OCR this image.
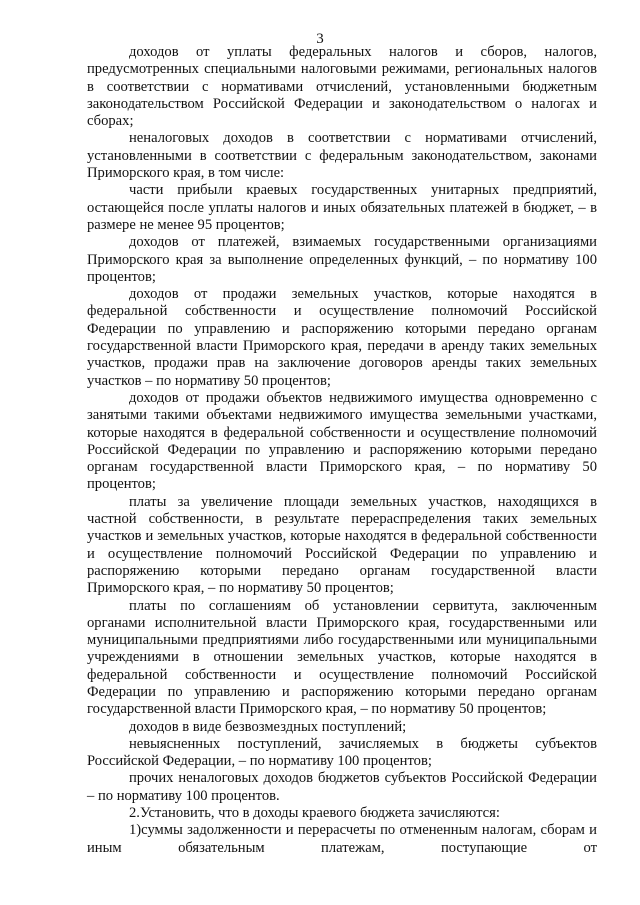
3

доходов от уплаты федеральных налогов и сборов, налогов, предусмотренных специальными налоговыми режимами, региональных налогов в соответствии с нормативами отчислений, установленными бюджетным законодательством Российской Федерации и законодательством о налогах и сборах;

неналоговых доходов в соответствии с нормативами отчислений, установленными в соответствии с федеральным законодательством, законами Приморского края, в том числе:

части прибыли краевых государственных унитарных предприятий, остающейся после уплаты налогов и иных обязательных платежей в бюджет, – в размере не менее 95 процентов;

доходов от платежей, взимаемых государственными организациями Приморского края за выполнение определенных функций, – по нормативу 100 процентов;

доходов от продажи земельных участков, которые находятся в федеральной собственности и осуществление полномочий Российской Федерации по управлению и распоряжению которыми передано органам государственной власти Приморского края, передачи в аренду таких земельных участков, продажи прав на заключение договоров аренды таких земельных участков – по нормативу 50 процентов;

доходов от продажи объектов недвижимого имущества одновременно с занятыми такими объектами недвижимого имущества земельными участками, которые находятся в федеральной собственности и осуществление полномочий Российской Федерации по управлению и распоряжению которыми передано органам государственной власти Приморского края, – по нормативу 50 процентов;

платы за увеличение площади земельных участков, находящихся в частной собственности, в результате перераспределения таких земельных участков и земельных участков, которые находятся в федеральной собственности и осуществление полномочий Российской Федерации по управлению и распоряжению которыми передано органам государственной власти Приморского края, – по нормативу 50 процентов;

платы по соглашениям об установлении сервитута, заключенным органами исполнительной власти Приморского края, государственными или муниципальными предприятиями либо государственными или муниципальными учреждениями в отношении земельных участков, которые находятся в федеральной собственности и осуществление полномочий Российской Федерации по управлению и распоряжению которыми передано органам государственной власти Приморского края, – по нормативу 50 процентов;

доходов в виде безвозмездных поступлений;

невыясненных поступлений, зачисляемых в бюджеты субъектов Российской Федерации, – по нормативу 100 процентов;

прочих неналоговых доходов бюджетов субъектов Российской Федерации – по нормативу 100 процентов.

2.Установить, что в доходы краевого бюджета зачисляются:

1)суммы задолженности и перерасчеты по отмененным налогам, сборам и иным обязательным платежам, поступающие от
